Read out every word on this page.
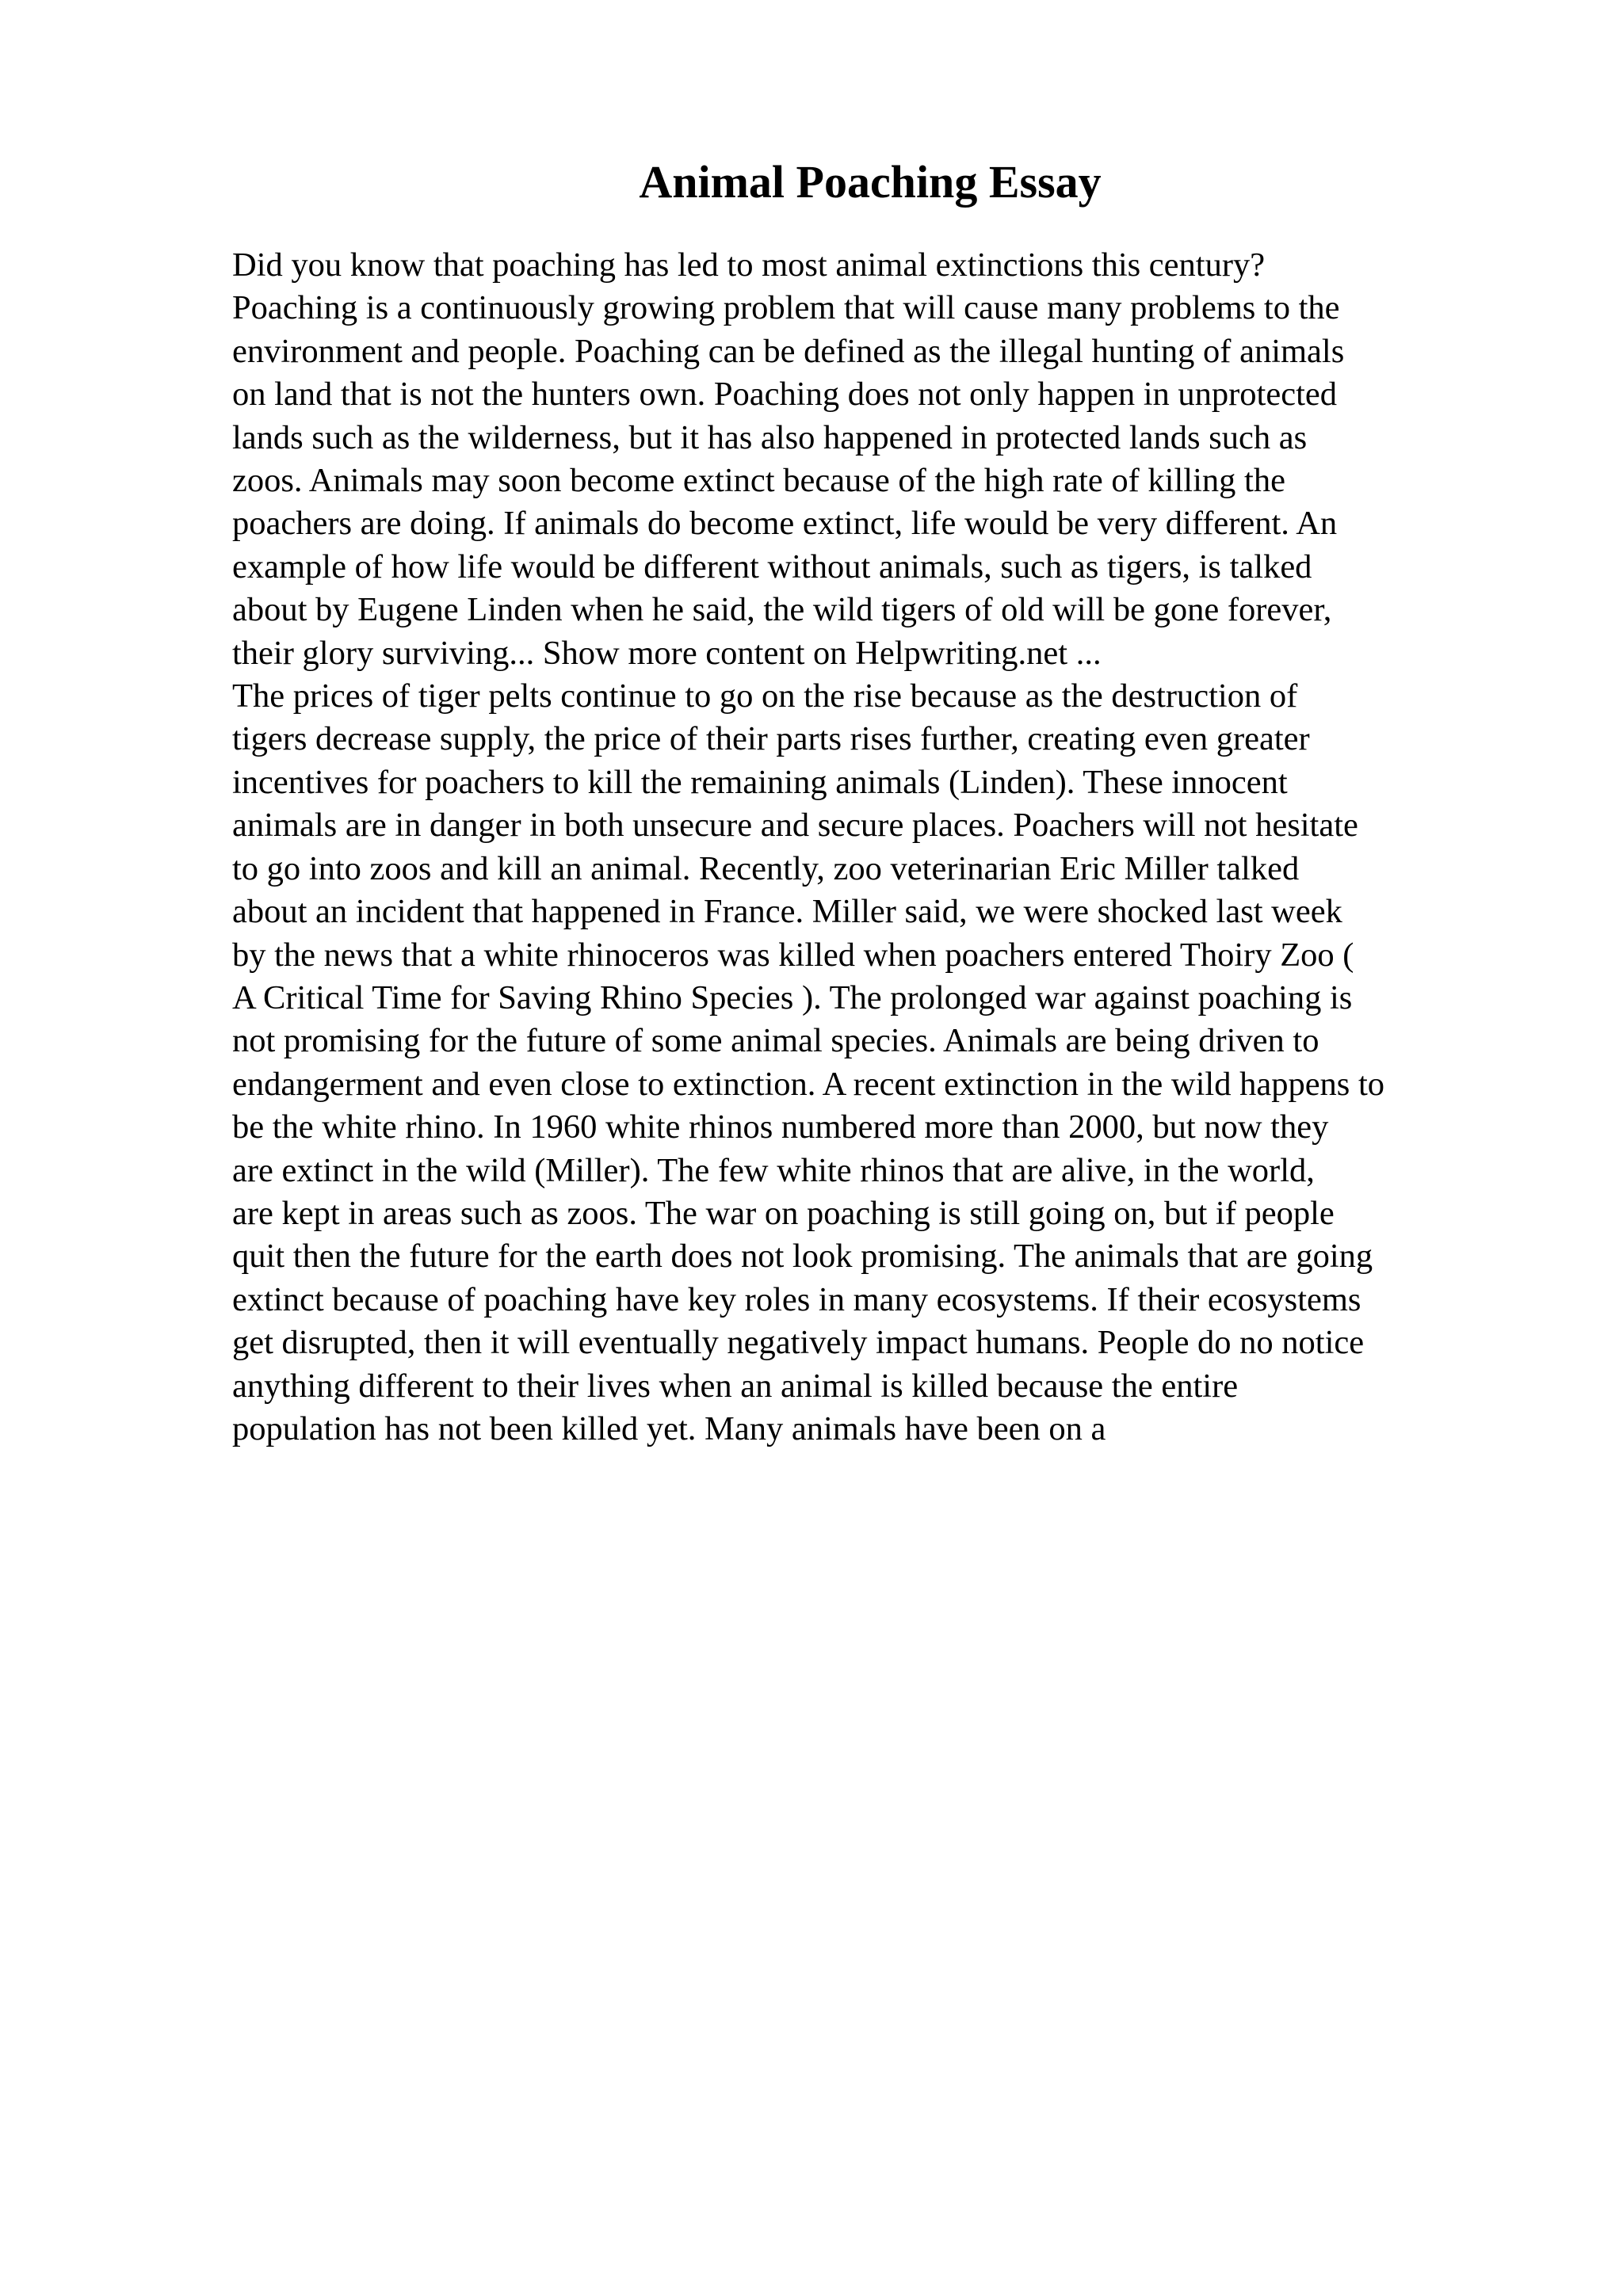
Animal Poaching Essay
Did you know that poaching has led to most animal extinctions this century?
Poaching is a continuously growing problem that will cause many problems to the
environment and people. Poaching can be defined as the illegal hunting of animals
on land that is not the hunters own. Poaching does not only happen in unprotected
lands such as the wilderness, but it has also happened in protected lands such as
zoos. Animals may soon become extinct because of the high rate of killing the
poachers are doing. If animals do become extinct, life would be very different. An
example of how life would be different without animals, such as tigers, is talked
about by Eugene Linden when he said, the wild tigers of old will be gone forever,
their glory surviving... Show more content on Helpwriting.net ...
The prices of tiger pelts continue to go on the rise because as the destruction of
tigers decrease supply, the price of their parts rises further, creating even greater
incentives for poachers to kill the remaining animals (Linden). These innocent
animals are in danger in both unsecure and secure places. Poachers will not hesitate
to go into zoos and kill an animal. Recently, zoo veterinarian Eric Miller talked
about an incident that happened in France. Miller said, we were shocked last week
by the news that a white rhinoceros was killed when poachers entered Thoiry Zoo (
A Critical Time for Saving Rhino Species ). The prolonged war against poaching is
not promising for the future of some animal species. Animals are being driven to
endangerment and even close to extinction. A recent extinction in the wild happens to
be the white rhino. In 1960 white rhinos numbered more than 2000, but now they
are extinct in the wild (Miller). The few white rhinos that are alive, in the world,
are kept in areas such as zoos. The war on poaching is still going on, but if people
quit then the future for the earth does not look promising. The animals that are going
extinct because of poaching have key roles in many ecosystems. If their ecosystems
get disrupted, then it will eventually negatively impact humans. People do no notice
anything different to their lives when an animal is killed because the entire
population has not been killed yet. Many animals have been on a
